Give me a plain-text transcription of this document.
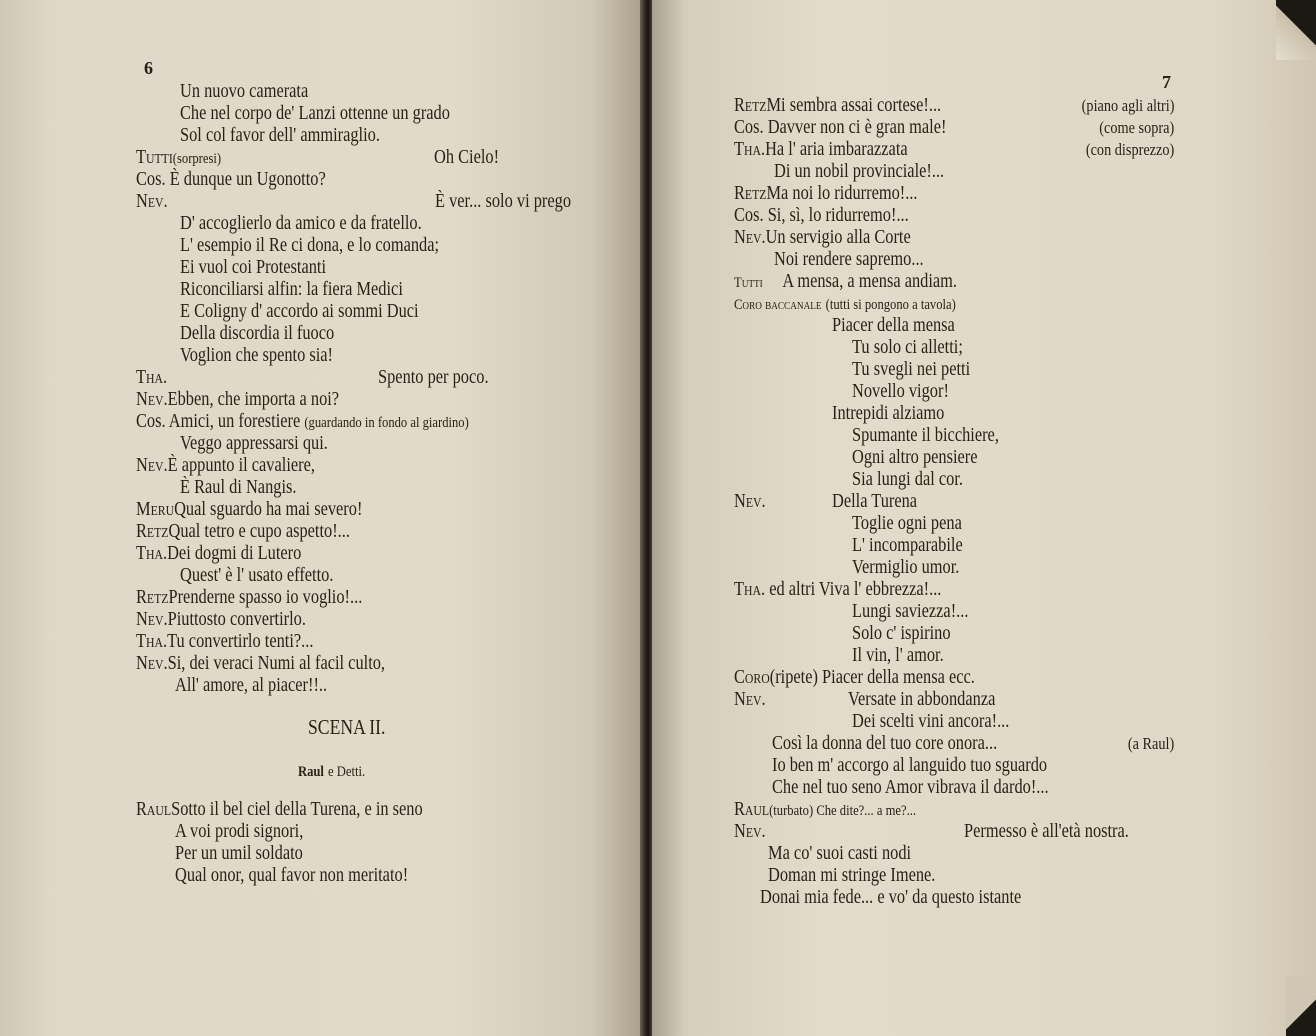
6
Un nuovo camerata
Che nel corpo de' Lanzi ottenne un grado
Sol col favor dell' ammiraglio.
Tutti(sorpresi)	Oh Cielo!
Cos. È dunque un Ugonotto?
Nev.	È ver... solo vi prego
D' accoglierlo da amico e da fratello.
L' esempio il Re ci dona, e lo comanda;
Ei vuol coi Protestanti
Riconciliarsi alfin: la fiera Medici
E Coligny d' accordo ai sommi Duci
Della discordia il fuoco
Voglion che spento sia!
Tha.	Spento per poco.
Nev.Ebben, che importa a noi?
Cos. Amici, un forestiere (guardando in fondo al giardino)
Veggo appressarsi qui.
Nev.È appunto il cavaliere,
È Raul di Nangis.
MeruQual sguardo ha mai severo!
RetzQual tetro e cupo aspetto!...
Tha.Dei dogmi di Lutero
Quest' è l' usato effetto.
RetzPrenderne spasso io voglio!...
Nev.Piuttosto convertirlo.
Tha.Tu convertirlo tenti?...
Nev.Si, dei veraci Numi al facil culto,
All' amore, al piacer!!..
SCENA II.
Raul e Detti.
RaulSotto il bel ciel della Turena, e in seno
A voi prodi signori,
Per un umil soldato
Qual onor, qual favor non meritato!
7
RetzMi sembra assai cortese!...	(piano agli altri)
Cos. Davver non ci è gran male!	(come sopra)
Tha.Ha l' aria imbarazzata	(con disprezzo)
Di un nobil provinciale!...
RetzMa noi lo ridurremo!...
Cos. Si, sì, lo ridurremo!...
Nev.Un servigio alla Corte
Noi rendere sapremo...
Tutti A mensa, a mensa andiam.
Coro baccanale (tutti si pongono a tavola)
Piacer della mensa
Tu solo ci alletti;
Tu svegli nei petti
Novello vigor!
Intrepidi alziamo
Spumante il bicchiere,
Ogni altro pensiere
Sia lungi dal cor.
Nev.	Della Turena
Toglie ogni pena
L' incomparabile
Vermiglio umor.
Tha. ed altri Viva l' ebbrezza!...
Lungi saviezza!...
Solo c' ispirino
Il vin, l' amor.
Coro(ripete) Piacer della mensa ecc.
Nev.	Versate in abbondanza
Dei scelti vini ancora!...
Così la donna del tuo core onora...	(a Raul)
Io ben m' accorgo al languido tuo sguardo
Che nel tuo seno Amor vibrava il dardo!...
Raul(turbato) Che dite?... a me?...
Nev.	Permesso è all'età nostra.
Ma co' suoi casti nodi
Doman mi stringe Imene.
Donai mia fede... e vo' da questo istante
